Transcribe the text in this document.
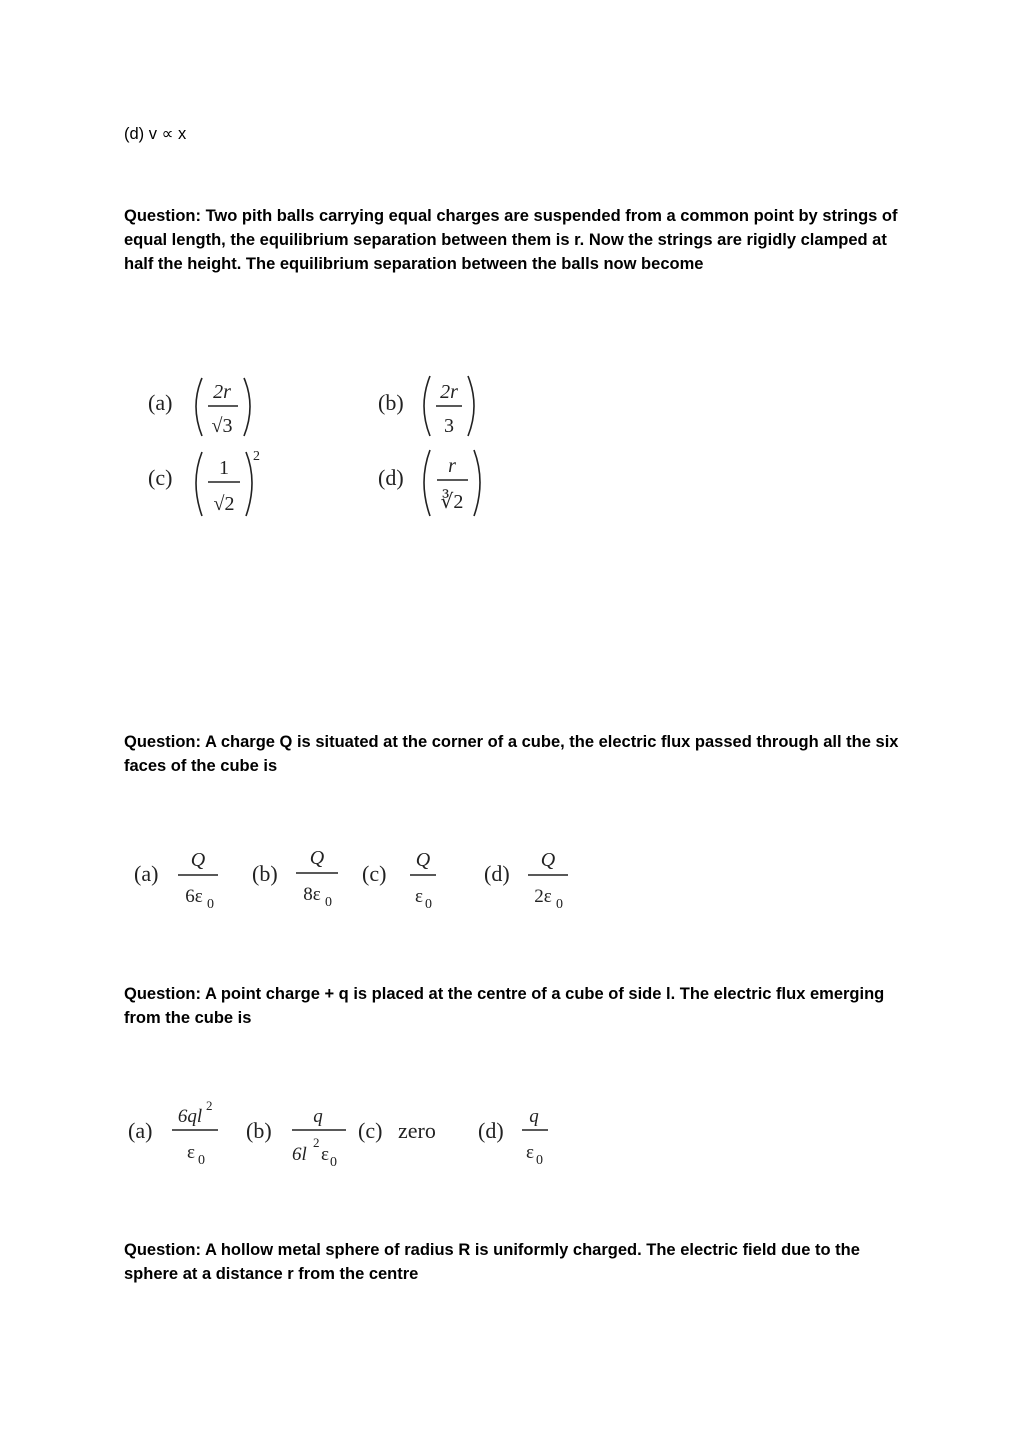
(d) v ∝ x
Question: Two pith balls carrying equal charges are suspended from a common point by strings of equal length, the equilibrium separation between them is r. Now the strings are rigidly clamped at half the height. The equilibrium separation between the balls now become
(a) 2r
√3
(b) 2r
3
(c) 1
√2
2
(d) r
∛2
Question: A charge Q is situated at the corner of a cube, the electric flux passed through all the six faces of the cube is
(a)
Q
6ε 0
(b)
Q
8ε 0
(c)
Q
ε 0
(d)
Q
2ε 0
Question: A point charge + q is placed at the centre of a cube of side l. The electric flux emerging from the cube is
(a)
6ql
2
ε 0
(b)
q
6l
2
ε 0
(c) zero (d)
q
ε 0
Question: A hollow metal sphere of radius R is uniformly charged. The electric field due to the sphere at a distance r from the centre
